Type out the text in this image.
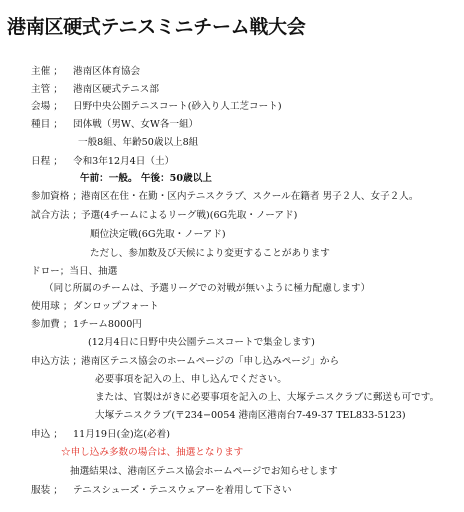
港南区硬式テニスミニチーム戦大会
主催 ； 港南区体育協会
主管 ； 港南区硬式テニス部
会場 ； 日野中央公園テニスコート(砂入り人工芝コート)
種目 ； 団体戦（男W、女W各一組）
一般8組、年齢50歳以上8組
日程 ； 令和3年12月4日（土）
午前：一般。 午後：50歳以上
参加資格 ；港南区在住・在勤・区内テニスクラブ、スクール在籍者 男子２人、女子２人。
試合方法 ；予選(4チームによるリーグ戦)(6G先取・ノーアド)
順位決定戦(6G先取・ノーアド)
ただし、参加数及び天候により変更することがあります
ドロー；当日、抽選
（同じ所属のチームは、予選リーグでの対戦が無いように極力配慮します）
使用球 ；ダンロップフォート
参加費 ；1チーム8000円
(12月4日に日野中央公園テニスコートで集金します)
申込方法 ；港南区テニス協会のホームページの「申し込みページ」から
必要事項を記入の上、申し込んでください。
または、官製はがきに必要事項を記入の上、大塚テニスクラブに郵送も可です。
大塚テニスクラブ(〒234−0054 港南区港南台7-49-37 TEL833-5123)
申込 ； 11月19日(金)迄(必着)
☆申し込み多数の場合は、抽選となります
抽選結果は、港南区テニス協会ホームページでお知らせします
服装 ； テニスシューズ・テニスウェアーを着用して下さい
